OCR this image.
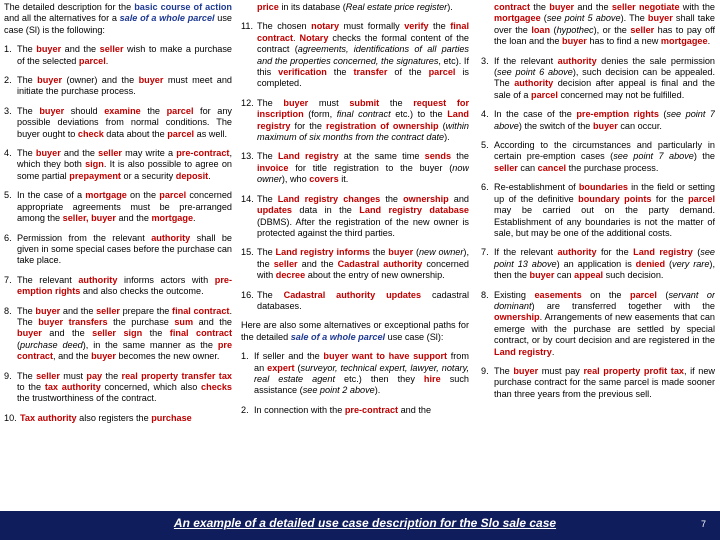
The detailed description for the basic course of action and all the alternatives for a sale of a whole parcel use case (Sl) is the following:
1. The buyer and the seller wish to make a purchase of the selected parcel.
2. The buyer (owner) and the buyer must meet and initiate the purchase process.
3. The buyer should examine the parcel for any possible deviations from normal conditions. The buyer ought to check data about the parcel as well.
4. The buyer and the seller may write a pre-contract, which they both sign. It is also possible to agree on some partial prepayment or a security deposit.
5. In the case of a mortgage on the parcel concerned appropriate agreements must be pre-arranged among the seller, buyer and the mortgage.
6. Permission from the relevant authority shall be given in some special cases before the purchase can take place.
7. The relevant authority informs actors with pre-emption rights and also checks the outcome.
8. The buyer and the seller prepare the final contract. The buyer transfers the purchase sum and the buyer and the seller sign the final contract (purchase deed), in the same manner as the pre contract, and the buyer becomes the new owner.
9. The seller must pay the real property transfer tax to the tax authority concerned, which also checks the trustworthiness of the contract.
10. Tax authority also registers the purchase
price in its database (Real estate price register).
11. The chosen notary must formally verify the final contract. Notary checks the formal content of the contract (agreements, identifications of all parties and the properties concerned, the signatures, etc). If this verification the transfer of the parcel is completed.
12. The buyer must submit the request for inscription (form, final contract etc.) to the Land registry for the registration of ownership (within maximum of six months from the contract date).
13. The Land registry at the same time sends the invoice for title registration to the buyer (now owner), who covers it.
14. The Land registry changes the ownership and updates data in the Land registry database (DBMS). After the registration of the new owner is protected against the third parties.
15. The Land registry informs the buyer (new owner), the seller and the Cadastral authority concerned with decree about the entry of new ownership.
16. The Cadastral authority updates cadastral databases.
Here are also some alternatives or exceptional paths for the detailed sale of a whole parcel use case (Sl):
1. If seller and the buyer want to have support from an expert (surveyor, technical expert, lawyer, notary, real estate agent etc.) then they hire such assistance (see point 2 above).
2. In connection with the pre-contract and the
contract the buyer and the seller negotiate with the mortgagee (see point 5 above). The buyer shall take over the loan (hypothec), or the seller has to pay off the loan and the buyer has to find a new mortgagee.
3. If the relevant authority denies the sale permission (see point 6 above), such decision can be appealed. The authority decision after appeal is final and the sale of a parcel concerned may not be fulfilled.
4. In the case of the pre-emption rights (see point 7 above) the switch of the buyer can occur.
5. According to the circumstances and particularly in certain pre-emption cases (see point 7 above) the seller can cancel the purchase process.
6. Re-establishment of boundaries in the field or setting up of the definitive boundary points for the parcel may be carried out on the party demand. Establishment of any boundaries is not the matter of sale, but may be one of the additional costs.
7. If the relevant authority for the Land registry (see point 13 above) an application is denied (very rare), then the buyer can appeal such decision.
8. Existing easements on the parcel (servant or dominant) are transferred together with the ownership. Arrangements of new easements that can emerge with the purchase are settled by special contract, or by court decision and are registered in the Land registry.
9. The buyer must pay real property profit tax, if new purchase contract for the same parcel is made sooner than three years from the previous sell.
An example of a detailed use case description for the Slo sale case	7
